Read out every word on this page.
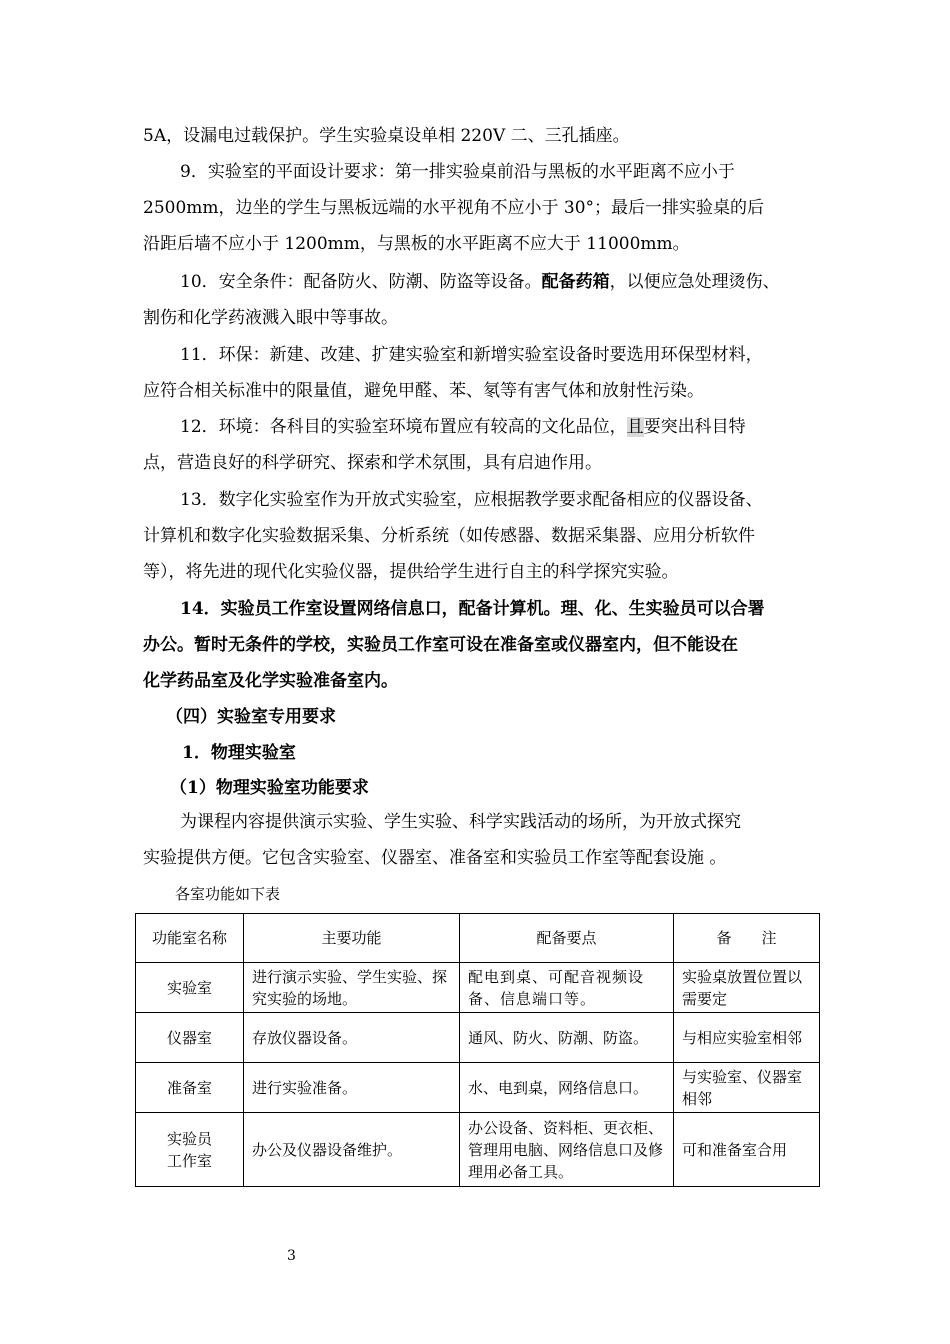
5A，设漏电过载保护。学生实验桌设单相 220V 二、三孔插座。
9．实验室的平面设计要求：第一排实验桌前沿与黑板的水平距离不应小于
2500mm，边坐的学生与黑板远端的水平视角不应小于 30°；最后一排实验桌的后
沿距后墙不应小于 1200mm，与黑板的水平距离不应大于 11000mm。
10．安全条件：配备防火、防潮、防盗等设备。配备药箱，以便应急处理烫伤、
割伤和化学药液溅入眼中等事故。
11．环保：新建、改建、扩建实验室和新增实验室设备时要选用环保型材料，
应符合相关标准中的限量值，避免甲醛、苯、氡等有害气体和放射性污染。
12．环境：各科目的实验室环境布置应有较高的文化品位，且要突出科目特
点，营造良好的科学研究、探索和学术氛围，具有启迪作用。
13．数字化实验室作为开放式实验室，应根据教学要求配备相应的仪器设备、
计算机和数字化实验数据采集、分析系统（如传感器、数据采集器、应用分析软件
等），将先进的现代化实验仪器，提供给学生进行自主的科学探究实验。
14．实验员工作室设置网络信息口，配备计算机。理、化、生实验员可以合署
办公。暂时无条件的学校，实验员工作室可设在准备室或仪器室内，但不能设在
化学药品室及化学实验准备室内。
（四）实验室专用要求
1．物理实验室
（1）物理实验室功能要求
为课程内容提供演示实验、学生实验、科学实践活动的场所，为开放式探究
实验提供方便。它包含实验室、仪器室、准备室和实验员工作室等配套设施 。
各室功能如下表
功能室名称	主要功能	配备要点	备　　注
实验室	进行演示实验、学生实验、探究实验的场地。	配电到桌、可配音视频设备、信息端口等。	实验桌放置位置以需要定
仪器室	存放仪器设备。	通风、防火、防潮、防盗。	与相应实验室相邻
准备室	进行实验准备。	水、电到桌，网络信息口。	与实验室、仪器室相邻
实验员
工作室	办公及仪器设备维护。	办公设备、资料柜、更衣柜、管理用电脑、网络信息口及修理用必备工具。	可和准备室合用
3
